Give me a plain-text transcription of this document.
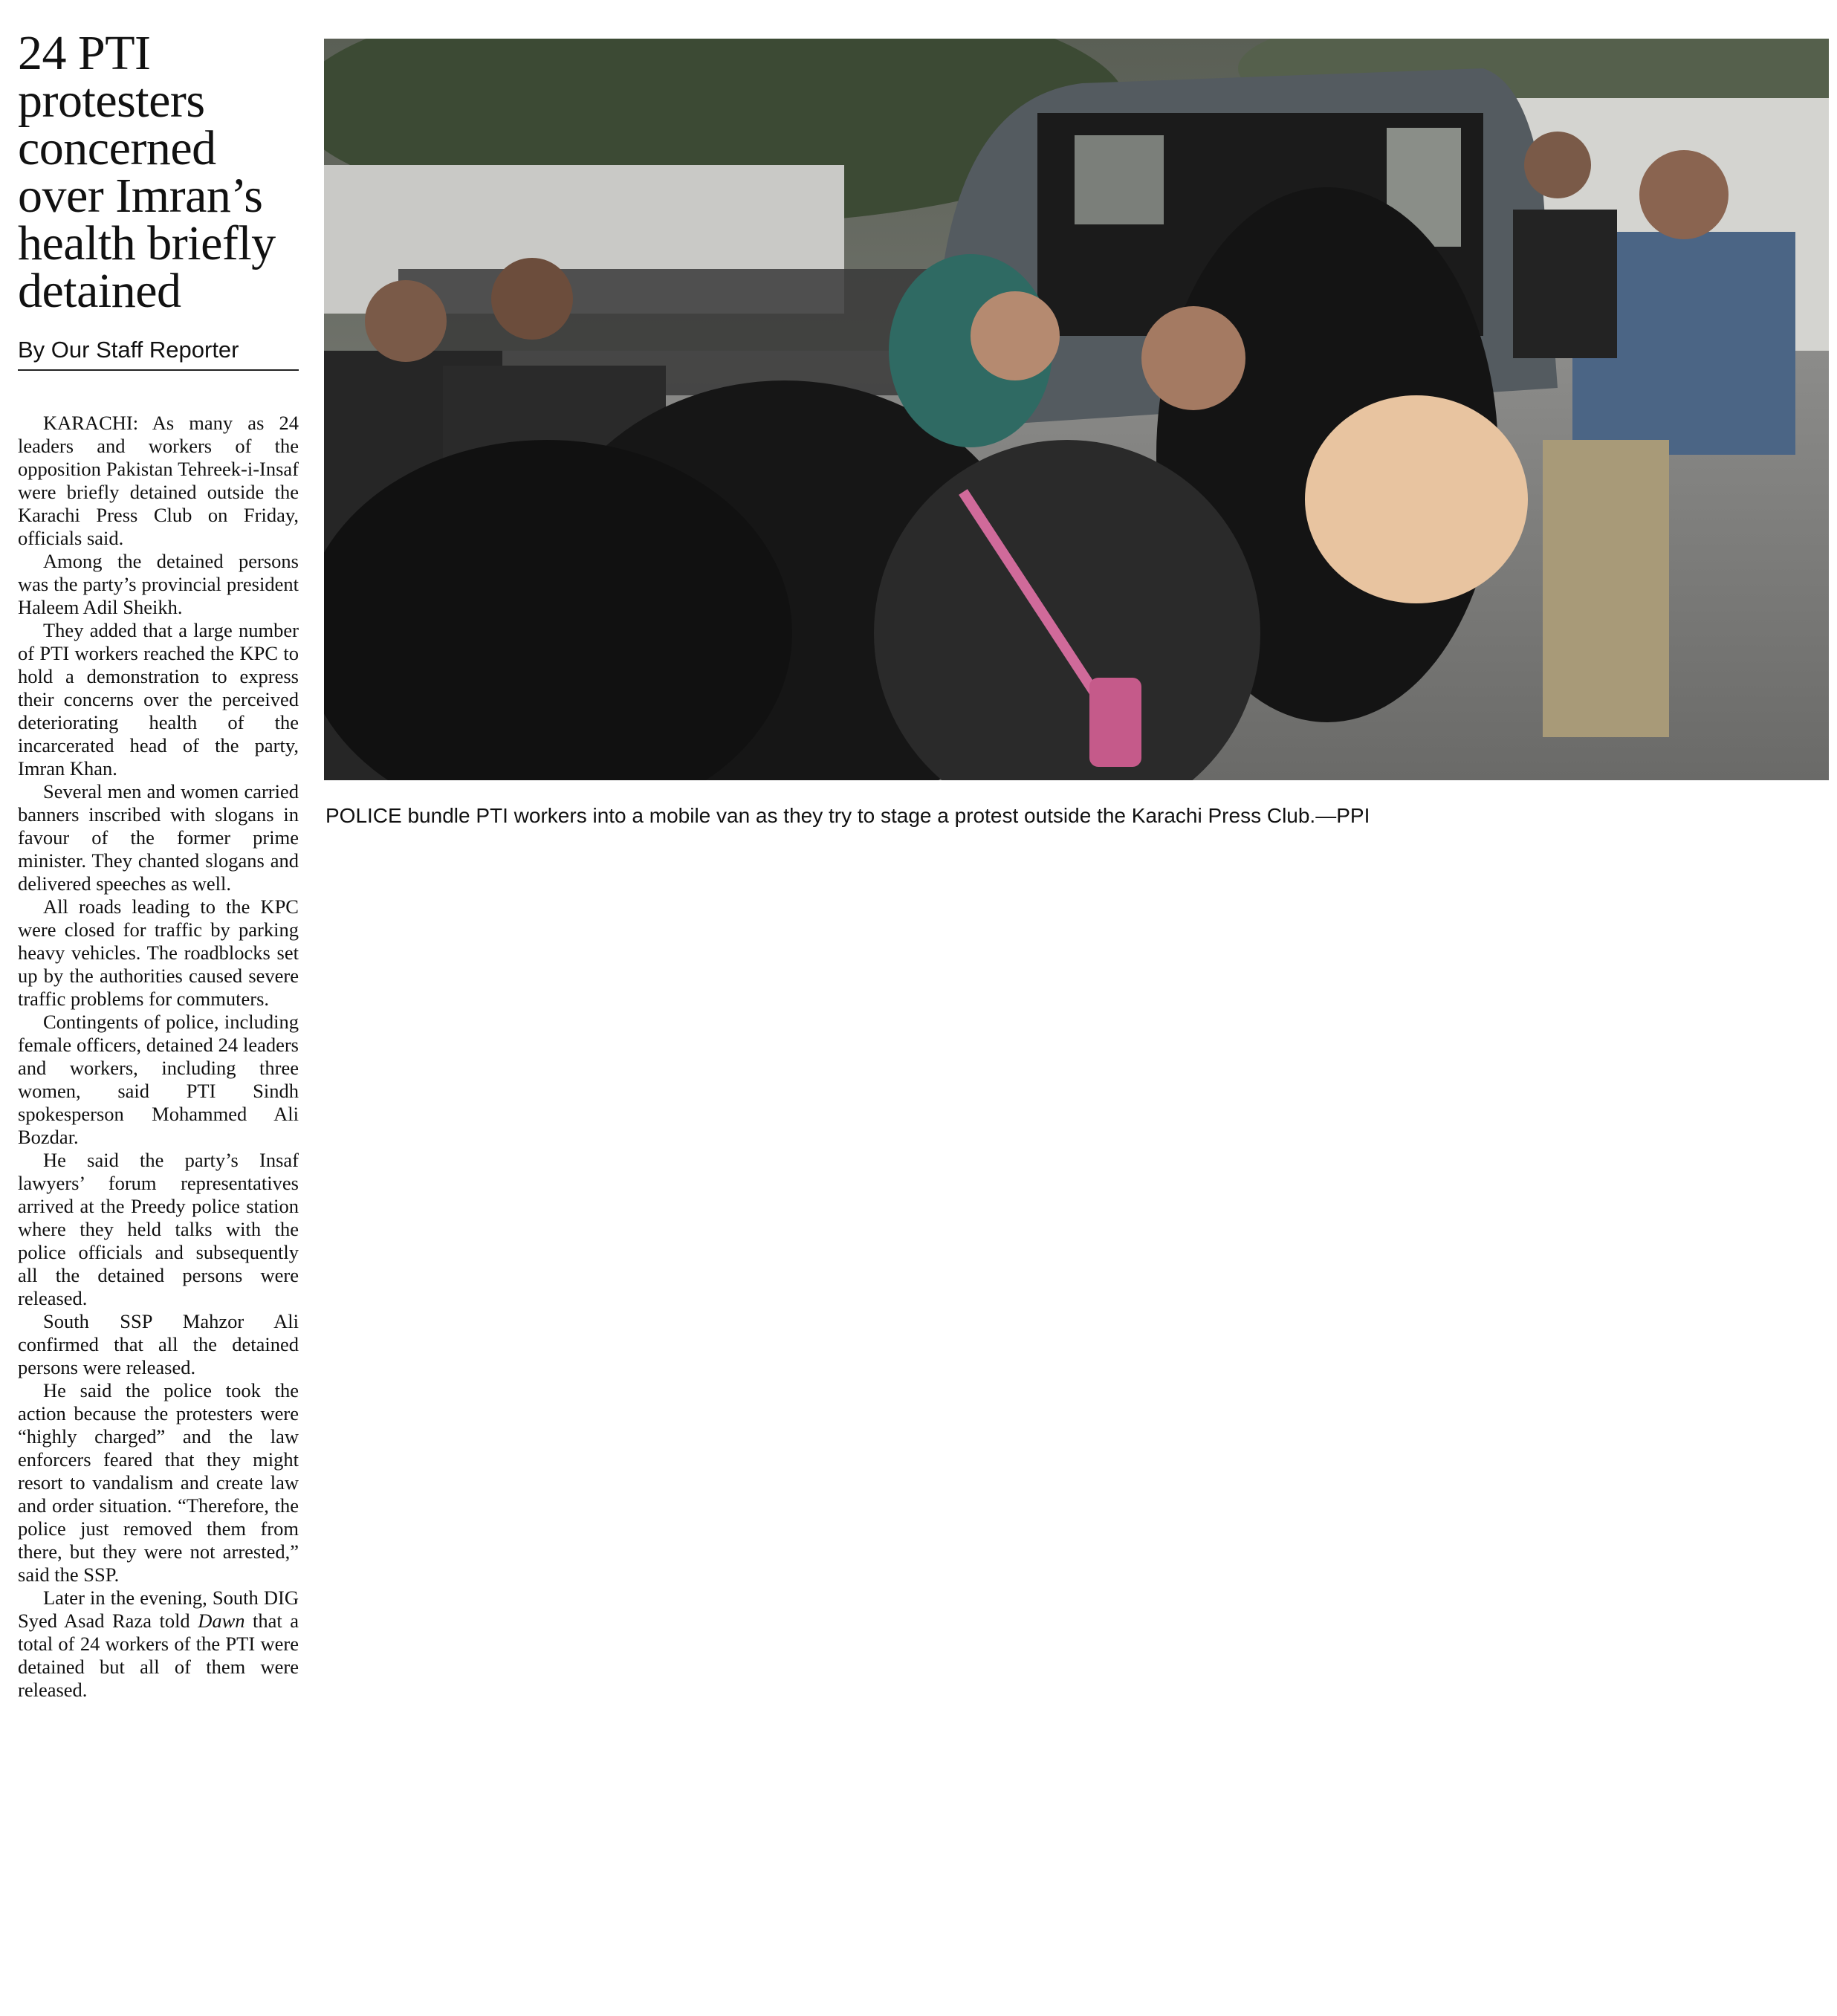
24 PTI protesters concerned over Imran’s health briefly detained
By Our Staff Reporter

KARACHI: As many as 24 leaders and workers of the opposition Pakistan Tehreek-i-Insaf were briefly detained outside the Karachi Press Club on Friday, officials said.

Among the detained persons was the party’s provincial president Haleem Adil Sheikh.

They added that a large number of PTI workers reached the KPC to hold a demonstration to express their concerns over the perceived deteriorating health of the incarcerated head of the party, Imran Khan.

Several men and women carried banners inscribed with slogans in favour of the former prime minister. They chanted slogans and delivered speeches as well.

All roads leading to the KPC were closed for traffic by parking heavy vehicles. The roadblocks set up by the authorities caused severe traffic problems for commuters.

Contingents of police, including female officers, detained 24 leaders and workers, including three women, said PTI Sindh spokesperson Mohammed Ali Bozdar.

He said the party’s Insaf lawyers’ forum representatives arrived at the Preedy police station where they held talks with the police officials and subsequently all the detained persons were released.

South SSP Mahzor Ali confirmed that all the detained persons were released.

He said the police took the action because the protesters were “highly charged” and the law enforcers feared that they might resort to vandalism and create law and order situation. “Therefore, the police just removed them from there, but they were not arrested,” said the SSP.

Later in the evening, South DIG Syed Asad Raza told Dawn that a total of 24 workers of the PTI were detained but all of them were released.

POLICE bundle PTI workers into a mobile van as they try to stage a protest outside the Karachi Press Club.—PPI
